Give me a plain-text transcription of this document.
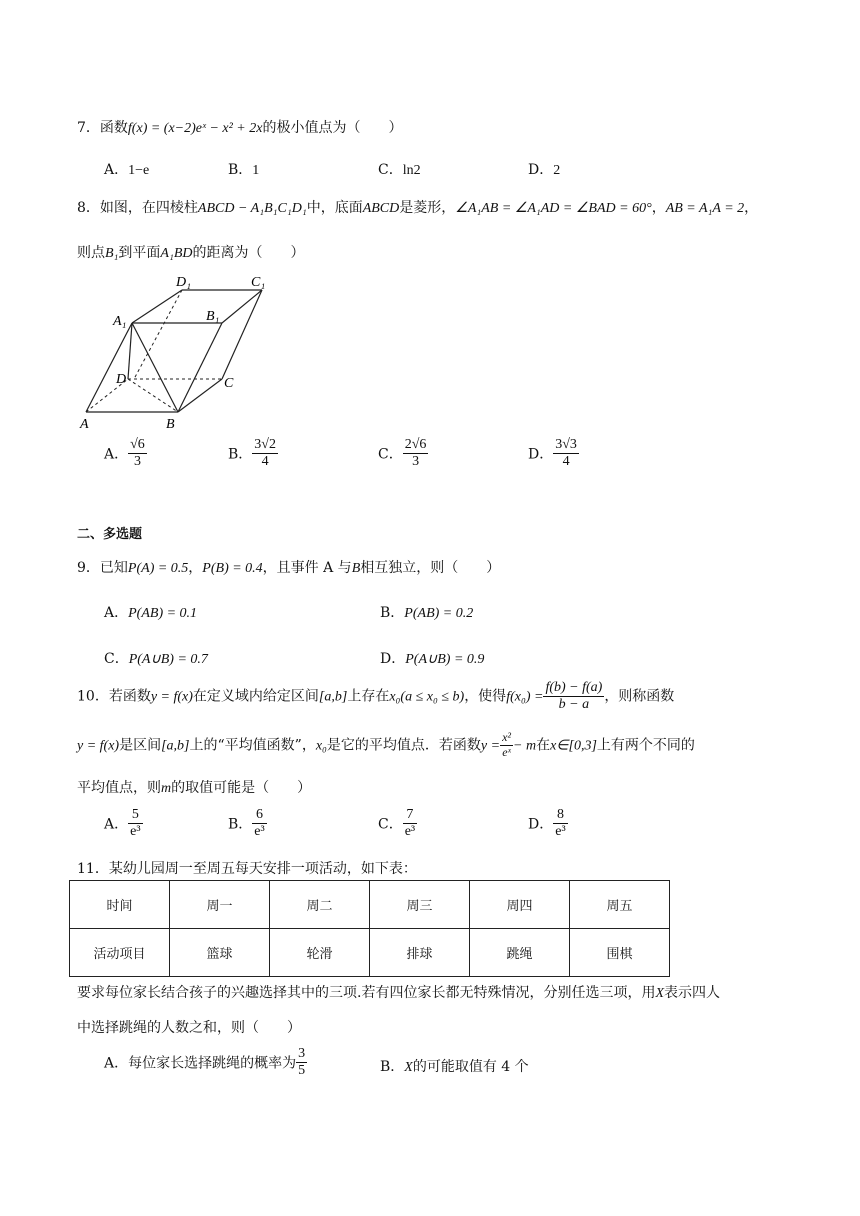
7．函数f(x) = (x−2)eˣ − x² + 2x的极小值点为（　　）
A．1−e	B．1	C．ln2	D．2
8．如图，在四棱柱ABCD − A₁B₁C₁D₁中，底面ABCD是菱形，∠A₁AB = ∠A₁AD = ∠BAD = 60°，AB = A₁A = 2，
则点B₁到平面A₁BD的距离为（　　）
D₁	C₁
A₁	B₁
D	C
A	B
A． $\frac{√6}{3}$	B． $\frac{3√2}{4}$	C． $\frac{2√6}{3}$	D． $\frac{3√3}{4}$
二、多选题
9．已知P(A) = 0.5，P(B) = 0.4，且事件 A 与B相互独立，则（　　）
A．P(AB) = 0.1	B．P(AB) = 0.2
C．P(A∪B) = 0.7	D．P(A∪B) = 0.9
10．若函数y = f(x)在定义域内给定区间[a,b]上存在x₀(a ≤ x₀ ≤ b)，使得$f(x_0) = \frac{f(b) - f(a)}{b - a}$ ，则称函数
y = f(x)是区间[a,b]上的“平均值函数”，x₀是它的平均值点．若函数$y = \frac{\text{x²}}{\text{eˣ}} - m$在x∈[0,3]上有两个不同的
平均值点，则m的取值可能是（　　）
A． $\frac{5}{\text{e³}}$	B． $\frac{6}{\text{e³}}$	C． $\frac{7}{\text{e³}}$	D． $\frac{8}{\text{e³}}$
11．某幼儿园周一至周五每天安排一项活动，如下表：
时间	周一	周二	周三	周四	周五
活动项目	篮球	轮滑	排球	跳绳	围棋
要求每位家长结合孩子的兴趣选择其中的三项.若有四位家长都无特殊情况，分别任选三项，用X表示四人
中选择跳绳的人数之和，则（　　）
A．每位家长选择跳绳的概率为 $\frac{3}{5}$	B．X的可能取值有 4 个
